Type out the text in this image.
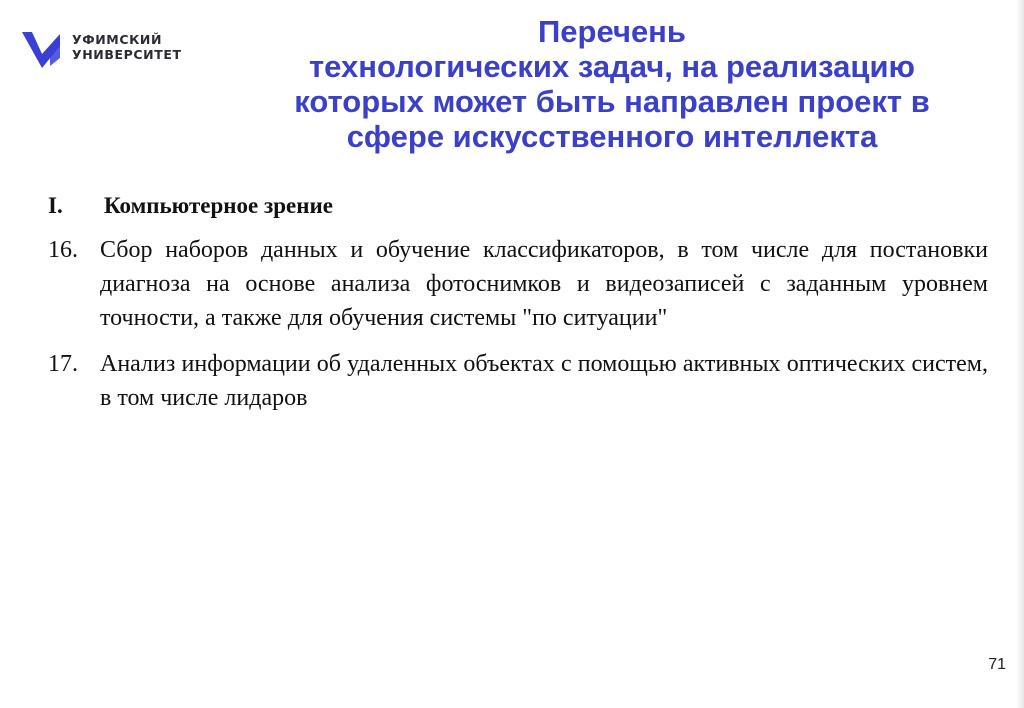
УФИМСКИЙ
УНИВЕРСИТЕТ
Перечень
технологических задач, на реализацию
которых может быть направлен проект в
сфере искусственного интеллекта
I.	Компьютерное зрение
16. Сбор наборов данных и обучение классификаторов, в том числе для постановки диагноза на основе анализа фотоснимков и видеозаписей с заданным уровнем точности, а также для обучения системы "по ситуации"
17. Анализ информации об удаленных объектах с помощью активных оптических систем, в том числе лидаров
71
